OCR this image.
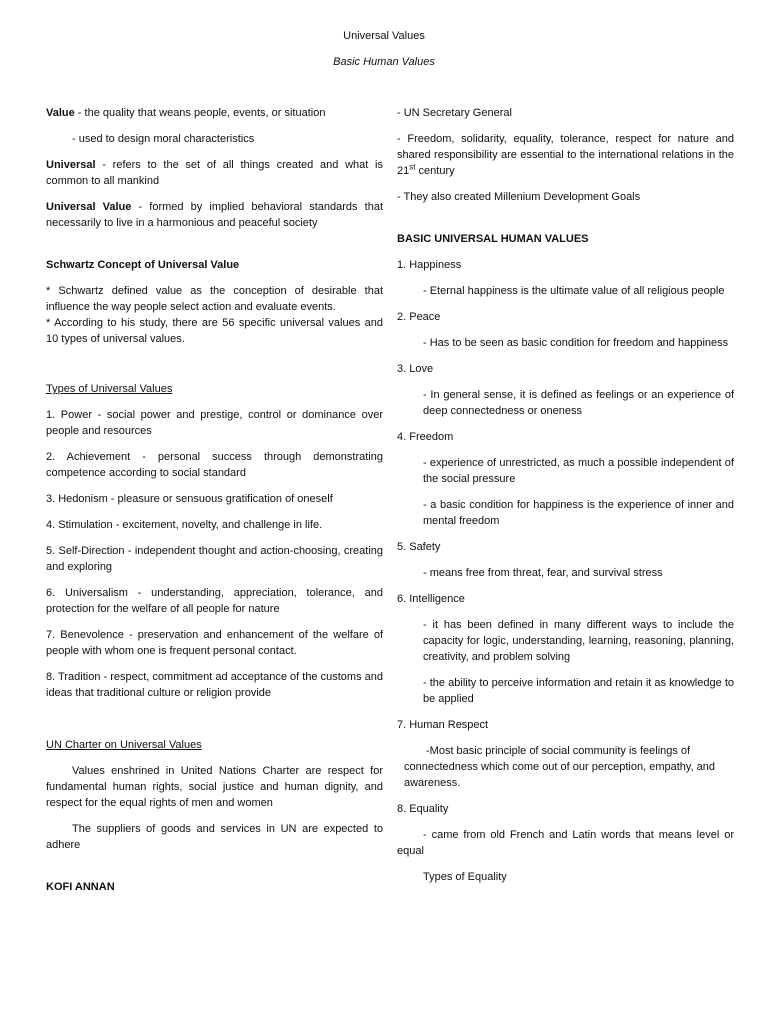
Universal Values
Basic Human Values

Value - the quality that weans people, events, or situation

- used to design moral characteristics

Universal - refers to the set of all things created and what is common to all mankind

Universal Value - formed by implied behavioral standards that necessarily to live in a harmonious and peaceful society

Schwartz Concept of Universal Value

* Schwartz defined value as the conception of desirable that influence the way people select action and evaluate events.

* According to his study, there are 56 specific universal values and 10 types of universal values.

Types of Universal Values

1. Power - social power and prestige, control or dominance over people and resources

2. Achievement - personal success through demonstrating competence according to social standard

3. Hedonism - pleasure or sensuous gratification of oneself

4. Stimulation - excitement, novelty, and challenge in life.

5. Self-Direction - independent thought and action-choosing, creating and exploring

6. Universalism - understanding, appreciation, tolerance, and protection for the welfare of all people for nature

7. Benevolence - preservation and enhancement of the welfare of people with whom one is frequent personal contact.

8. Tradition - respect, commitment ad acceptance of the customs and ideas that traditional culture or religion provide

UN Charter on Universal Values

Values enshrined in United Nations Charter are respect for fundamental human rights, social justice and human dignity, and respect for the equal rights of men and women

The suppliers of goods and services in UN are expected to adhere

KOFI ANNAN

- UN Secretary General

- Freedom, solidarity, equality, tolerance, respect for nature and shared responsibility are essential to the international relations in the 21st century

- They also created Millenium Development Goals

BASIC UNIVERSAL HUMAN VALUES

1. Happiness

- Eternal happiness is the ultimate value of all religious people

2. Peace

- Has to be seen as basic condition for freedom and happiness

3. Love

- In general sense, it is defined as feelings or an experience of deep connectedness or oneness

4. Freedom

- experience of unrestricted, as much a possible independent of the social pressure

- a basic condition for happiness is the experience of inner and mental freedom

5. Safety

- means free from threat, fear, and survival stress

6. Intelligence

- it has been defined in many different ways to include the capacity for logic, understanding, learning, reasoning, planning, creativity, and problem solving

- the ability to perceive information and retain it as knowledge to be applied

7. Human Respect

-Most basic principle of social community is feelings of connectedness which come out of our perception, empathy, and awareness.

8. Equality

- came from old French and Latin words that means level or equal

Types of Equality
